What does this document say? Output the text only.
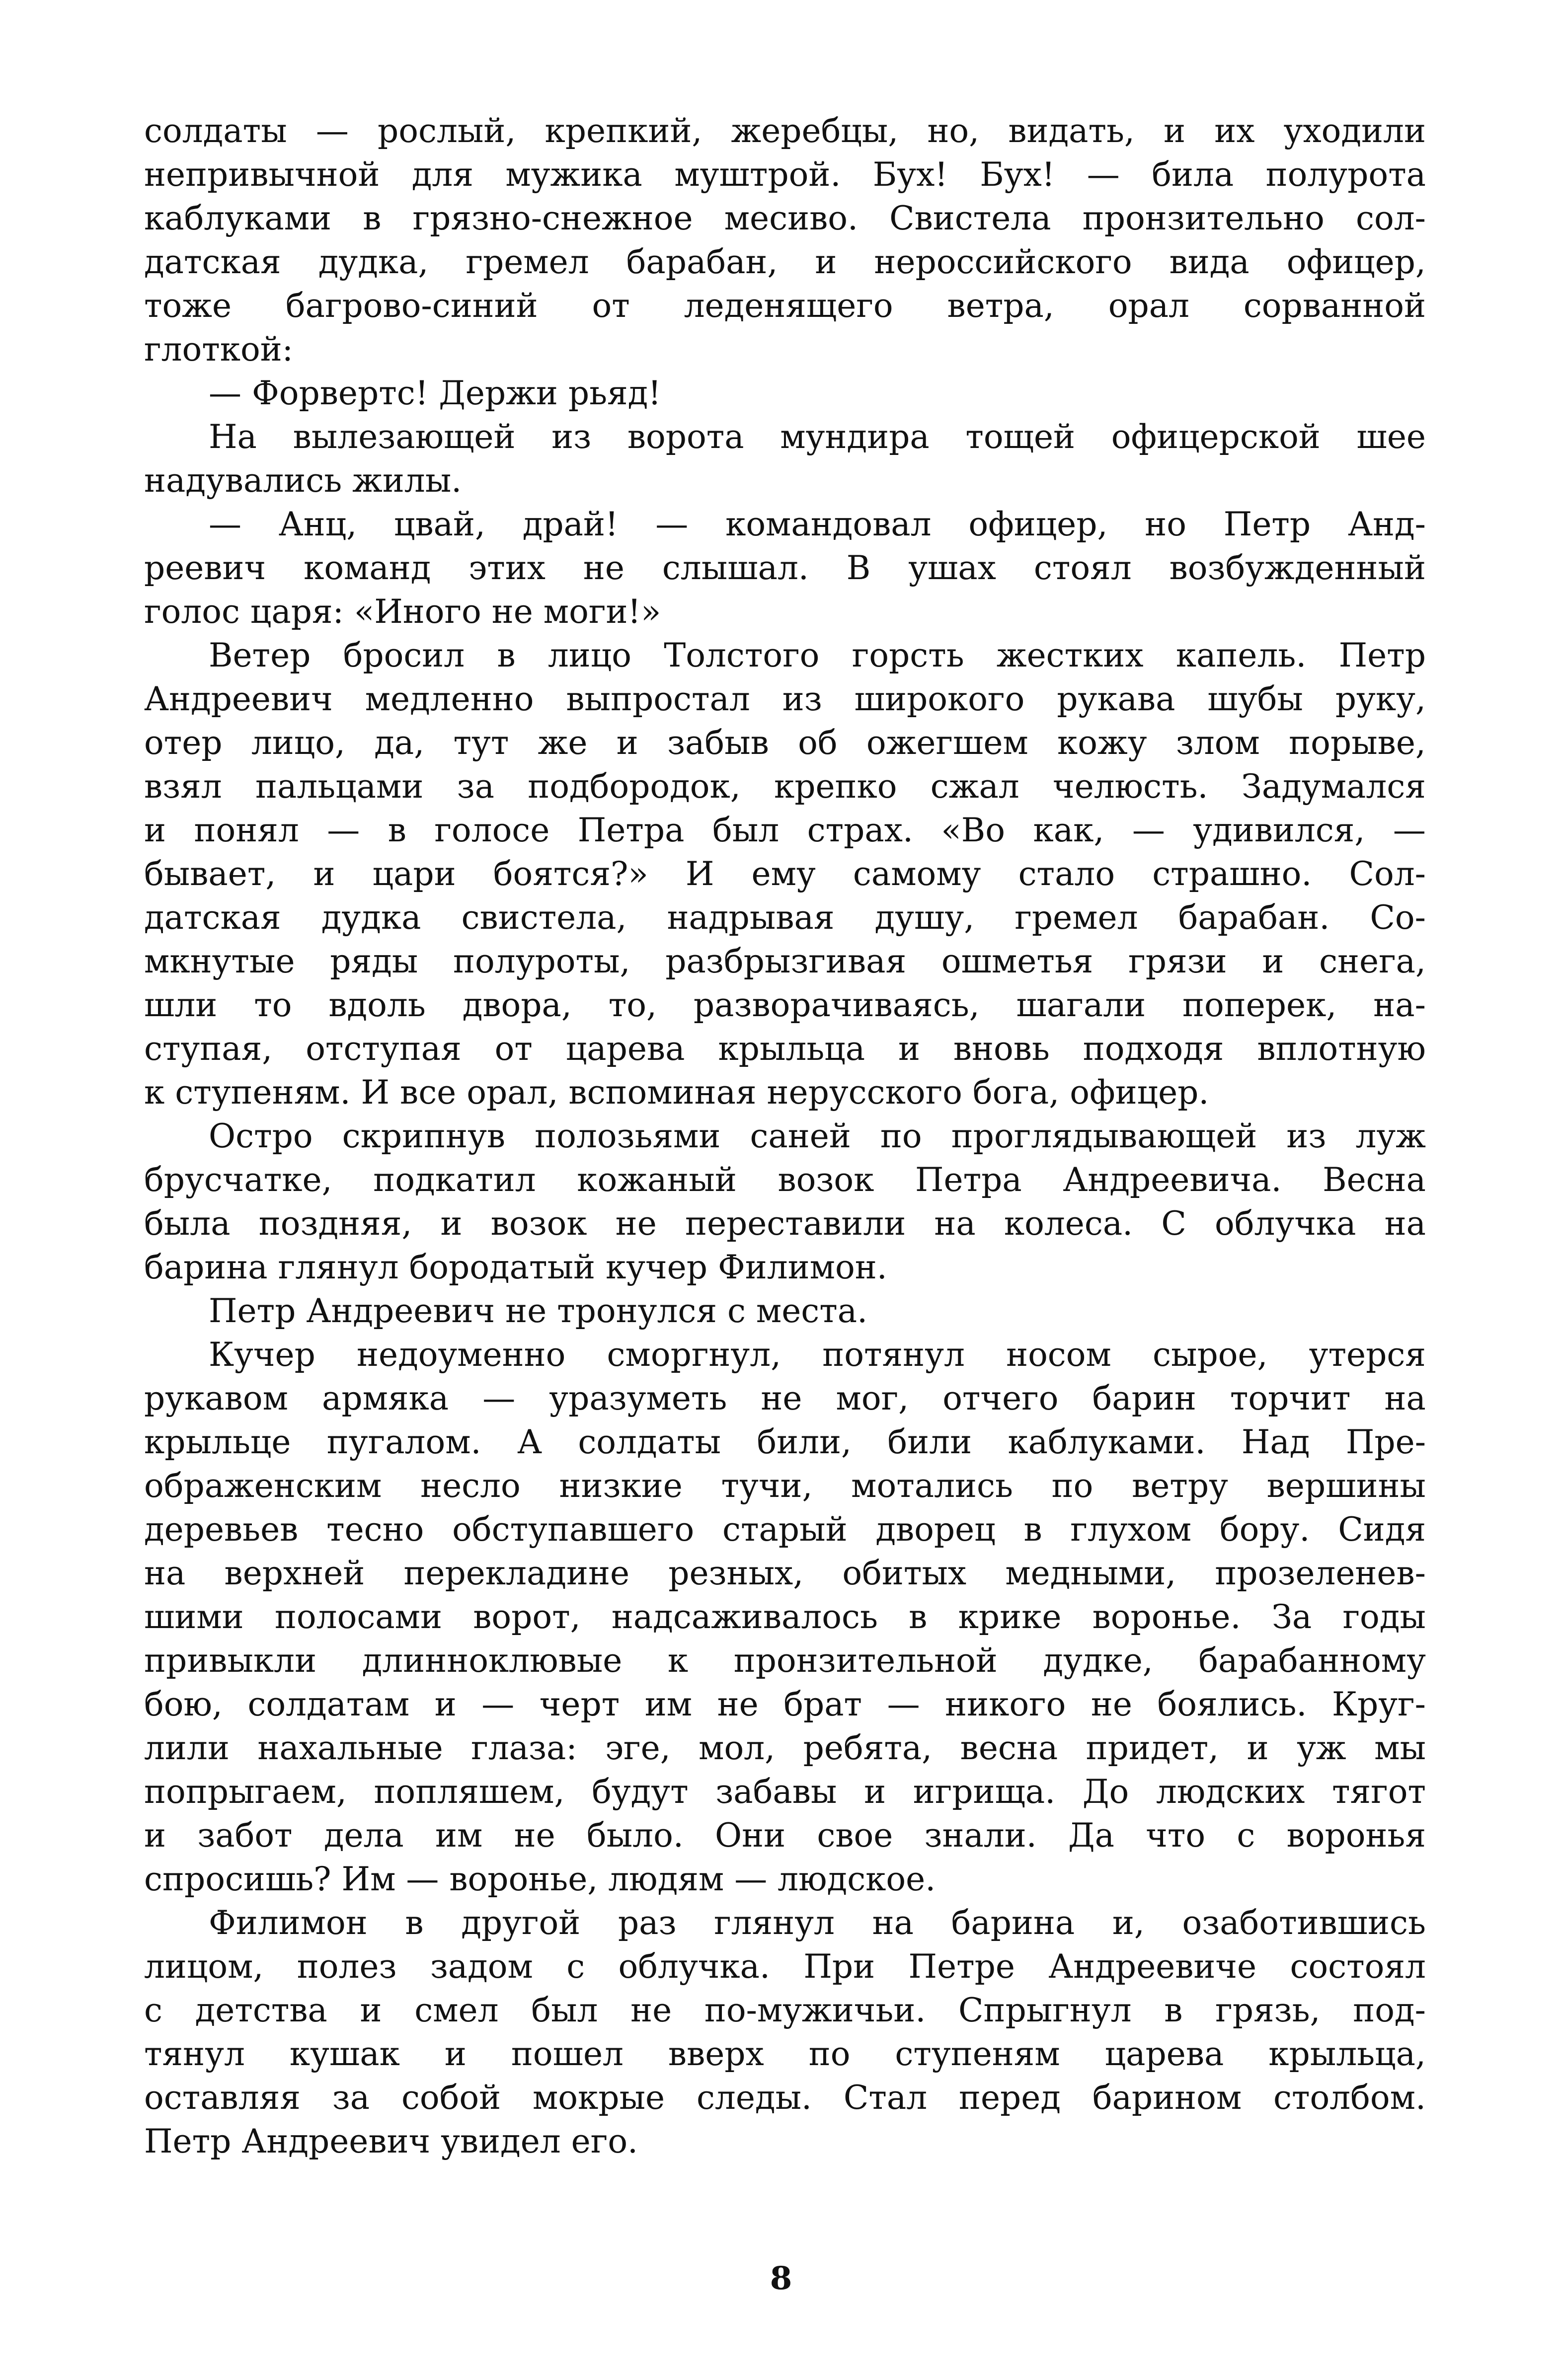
солдаты — рослый, крепкий, жеребцы, но, видать, и их уходили
непривычной для мужика муштрой. Бух! Бух! — била полурота
каблуками в грязно-снежное месиво. Свистела пронзительно сол-
датская дудка, гремел барабан, и нероссийского вида офицер,
тоже багрово-синий от леденящего ветра, орал сорванной
глоткой:
— Форвертс! Держи рьяд!
На вылезающей из ворота мундира тощей офицерской шее
надувались жилы.
— Анц, цвай, драй! — командовал офицер, но Петр Анд-
реевич команд этих не слышал. В ушах стоял возбужденный
голос царя: «Иного не моги!»
Ветер бросил в лицо Толстого горсть жестких капель. Петр
Андреевич медленно выпростал из широкого рукава шубы руку,
отер лицо, да, тут же и забыв об ожегшем кожу злом порыве,
взял пальцами за подбородок, крепко сжал челюсть. Задумался
и понял — в голосе Петра был страх. «Во как, — удивился, —
бывает, и цари боятся?» И ему самому стало страшно. Сол-
датская дудка свистела, надрывая душу, гремел барабан. Со-
мкнутые ряды полуроты, разбрызгивая ошметья грязи и снега,
шли то вдоль двора, то, разворачиваясь, шагали поперек, на-
ступая, отступая от царева крыльца и вновь подходя вплотную
к ступеням. И все орал, вспоминая нерусского бога, офицер.
Остро скрипнув полозьями саней по проглядывающей из луж
брусчатке, подкатил кожаный возок Петра Андреевича. Весна
была поздняя, и возок не переставили на колеса. С облучка на
барина глянул бородатый кучер Филимон.
Петр Андреевич не тронулся с места.
Кучер недоуменно сморгнул, потянул носом сырое, утерся
рукавом армяка — уразуметь не мог, отчего барин торчит на
крыльце пугалом. А солдаты били, били каблуками. Над Пре-
ображенским несло низкие тучи, мотались по ветру вершины
деревьев тесно обступавшего старый дворец в глухом бору. Сидя
на верхней перекладине резных, обитых медными, прозеленев-
шими полосами ворот, надсаживалось в крике воронье. За годы
привыкли длинноклювые к пронзительной дудке, барабанному
бою, солдатам и — черт им не брат — никого не боялись. Круг-
лили нахальные глаза: эге, мол, ребята, весна придет, и уж мы
попрыгаем, попляшем, будут забавы и игрища. До людских тягот
и забот дела им не было. Они свое знали. Да что с воронья
спросишь? Им — воронье, людям — людское.
Филимон в другой раз глянул на барина и, озаботившись
лицом, полез задом с облучка. При Петре Андреевиче состоял
с детства и смел был не по-мужичьи. Спрыгнул в грязь, под-
тянул кушак и пошел вверх по ступеням царева крыльца,
оставляя за собой мокрые следы. Стал перед барином столбом.
Петр Андреевич увидел его.
8
